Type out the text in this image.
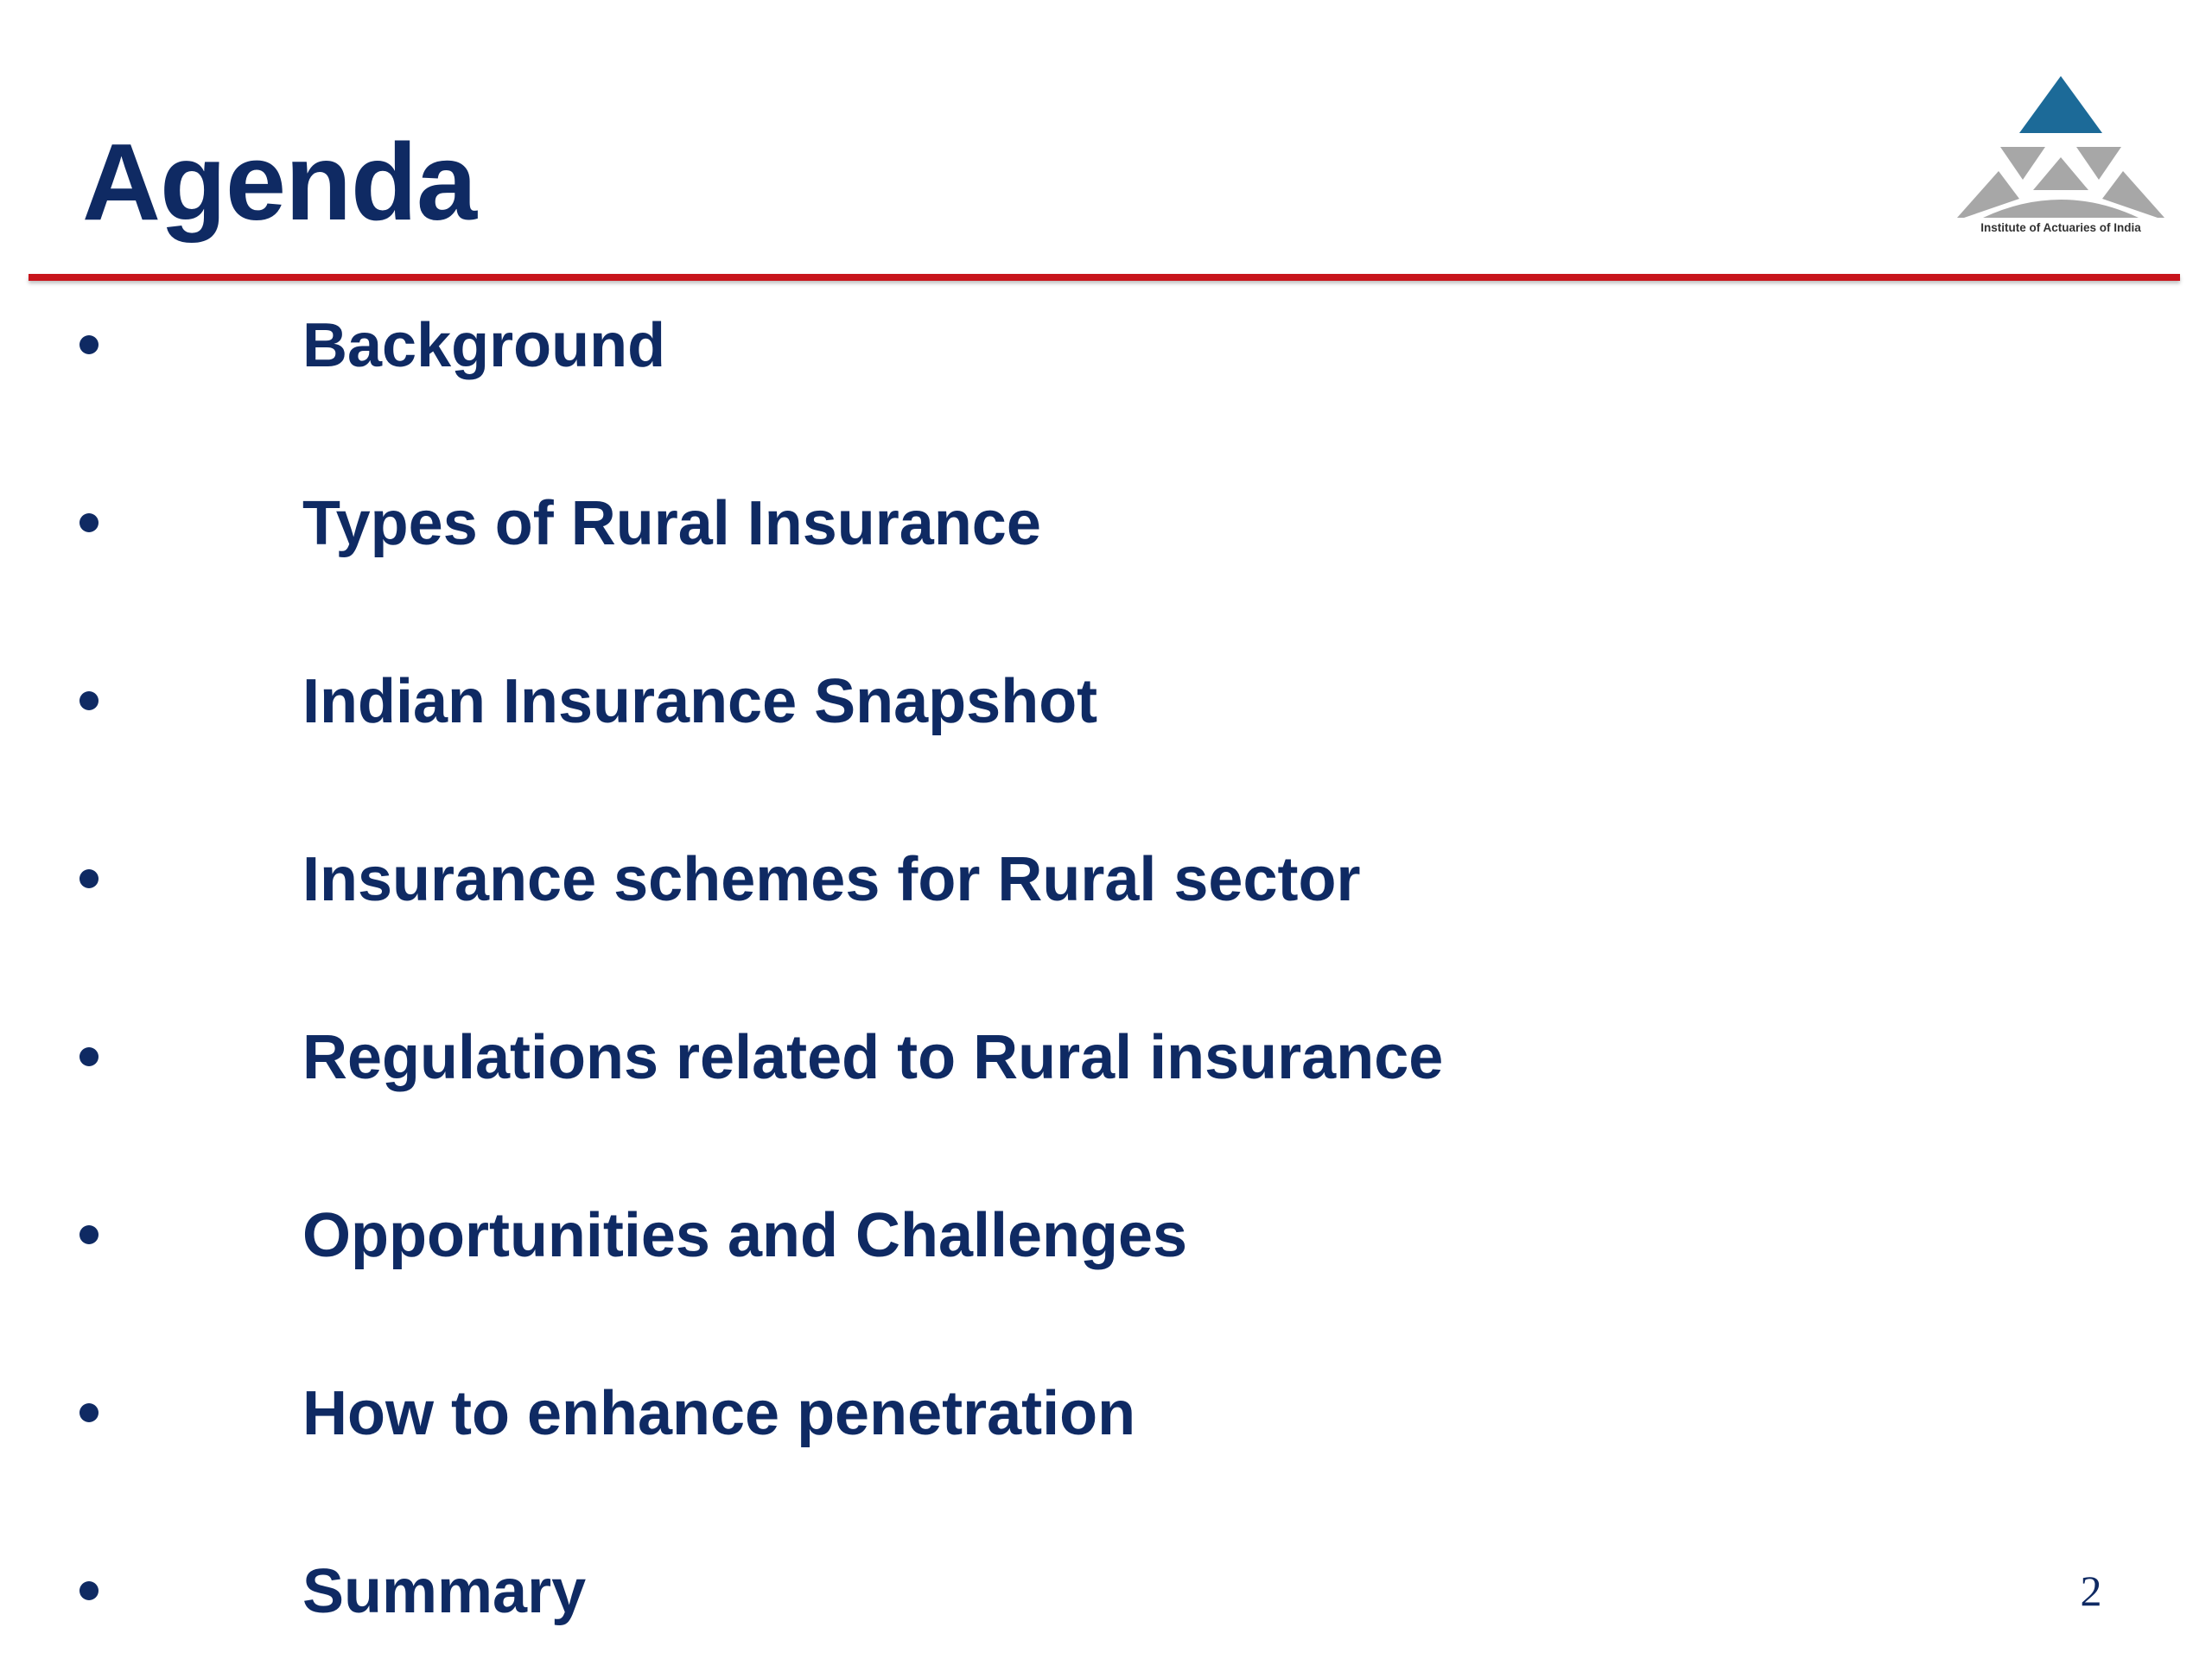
Agenda	Institute of Actuaries of India
Background
Types of Rural Insurance
Indian Insurance Snapshot
Insurance schemes for Rural sector
Regulations related to Rural insurance
Opportunities and Challenges
How to enhance penetration
Summary	2
